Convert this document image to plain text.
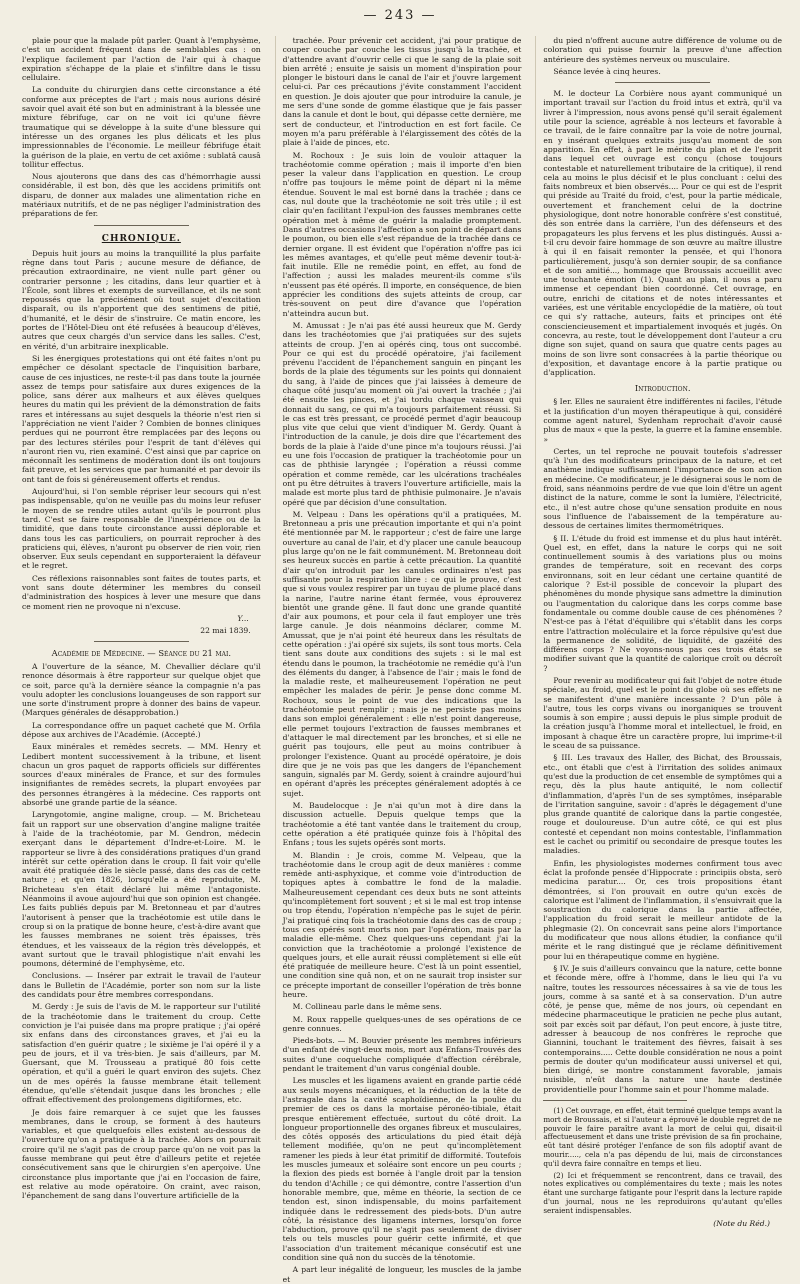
— 243 —

plaie pour que la malade pût parler. Quant à l'emphysème, c'est un accident fréquent dans de semblables cas : on l'explique facilement par l'action de l'air qui à chaque expiration s'échappe de la plaie et s'infiltre dans le tissu cellulaire.

La conduite du chirurgien dans cette circonstance a été conforme aux préceptes de l'art ; mais nous aurions désiré savoir quel avait été son but en administrant à la blessée une mixture fébrifuge, car on ne voit ici qu'une fièvre traumatique qui se développe à la suite d'une blessure qui intéresse un des organes les plus délicats et les plus impressionnables de l'économie. Le meilleur fébrifuge était la guérison de la plaie, en vertu de cet axiôme : sublatâ causâ tollitur effectus.

Nous ajouterons que dans des cas d'hémorrhagie aussi considérable, il est bon, dès que les accidens primitifs ont disparu, de donner aux malades une alimentation riche en matériaux nutritifs, et de ne pas négliger l'administration des préparations de fer.

CHRONIQUE.

Depuis huit jours au moins la tranquillité la plus parfaite règne dans tout Paris ; aucune mesure de défiance, de précaution extraordinaire, ne vient nulle part gêner ou contrarier personne ; les citadins, dans leur quartier et à l'École, sont libres et exempts de surveillance, et ils ne sont repoussés que la précisément où tout sujet d'excitation disparaît, ou ils n'apportent que des sentimens de pitié, d'humanité, et le désir de s'instruire. Ce matin encore, les portes de l'Hôtel-Dieu ont été refusées à beaucoup d'élèves, autres que ceux chargés d'un service dans les salles. C'est, en vérité, d'un arbitraire inexplicable.

Si les énergiques protestations qui ont été faites n'ont pu empêcher ce désolant spectacle de l'inquisition barbare, cause de ces injustices, ne reste-t-il pas dans toute la journée assez de temps pour satisfaire aux dures exigences de la police, sans dérer aux malheurs et aux élèves quelques heures du matin qui les prévient de la démonstration de faits rares et intéressans au sujet desquels la théorie n'est rien si l'appréciation ne vient l'aider ? Combien de bonnes cliniques perdues qui ne pourront être remplacées par des leçons ou par des lectures stériles pour l'esprit de tant d'élèves qui n'auront rien vu, rien examiné. C'est ainsi que par caprice on méconnaît les sentimens de modération dont ils ont toujours fait preuve, et les services que par humanité et par devoir ils ont tant de fois si généreusement offerts et rendus.

Aujourd'hui, si l'on semble répriser leur secours qui n'est pas indispensable, qu'on ne veuille pas du moins leur refuser le moyen de se rendre utiles autant qu'ils le pourront plus tard. C'est se faire responsable de l'inexpérience ou de la timidité, que dans toute circonstance aussi déplorable et dans tous les cas particuliers, on pourrait reprocher à des praticiens qui, élèves, n'auront pu observer de rien voir, rien observer. Eux seuls cependant en supporteraient la défaveur et le regret.

Ces réflexions raisonnables sont faites de toutes parts, et vont sans doute déterminer les membres du conseil d'administration des hospices à lever une mesure que dans ce moment rien ne provoque ni n'excuse.

Y...
22 mai 1839.
Académie de Médecine. — Séance du 21 mai.

A l'ouverture de la séance, M. Chevallier déclare qu'il renonce désormais à être rapporteur sur quelque objet que ce soit, parce qu'à la dernière séance la compagnie n'a pas voulu adopter les conclusions louangeuses de son rapport sur une sorte d'instrument propre à donner des bains de vapeur. (Marques générales de désapprobation.)

La correspondance offre un paquet cacheté que M. Orfila dépose aux archives de l'Académie. (Accepté.)

Eaux minérales et remèdes secrets. — MM. Henry et Ledibert montent successivement à la tribune, et lisent chacun un gros paquet de rapports officiels sur différentes sources d'eaux minérales de France, et sur des formules insignifiantes de remèdes secrets, la plupart envoyées par des personnes étrangères à la médecine. Ces rapports ont absorbé une grande partie de la séance.

Laryngotomie, angine maligne, croup. — M. Bricheteau fait un rapport sur une observation d'angine maligne traitée à l'aide de la trachéotomie, par M. Gendron, médecin exerçant dans le département d'Indre-et-Loire. M. le rapporteur se livre à des considérations pratiques d'un grand intérêt sur cette opération dans le croup. Il fait voir qu'elle avait été pratiquée dès le siècle passé, dans des cas de cette nature ; et qu'en 1826, lorsqu'elle a été reproduite, M. Bricheteau s'en était déclaré lui même l'antagoniste. Néanmoins il avoue aujourd'hui que son opinion est changée. Les faits publiés depuis par M. Bretonneau et par d'autres l'autorisent à penser que la trachéotomie est utile dans le croup si on la pratique de bonne heure, c'est-à-dire avant que les fausses membranes ne soient très épaisses, très étendues, et les vaisseaux de la région très développés, et avant surtout que le travail phlogistique n'ait envahi les poumons, déterminé de l'emphysème, etc.

Conclusions. — Insérer par extrait le travail de l'auteur dans le Bulletin de l'Académie, porter son nom sur la liste des candidats pour être membres correspondans.

M. Gerdy : Je suis de l'avis de M. le rapporteur sur l'utilité de la trachéotomie dans le traitement du croup. Cette conviction je l'ai puisée dans ma propre pratique ; j'ai opéré six enfans dans des circonstances graves, et j'ai eu la satisfaction d'en guérir quatre ; le sixième je l'ai opéré il y a peu de jours, et il va très-bien. Je sais d'ailleurs, par M. Guersant, que M. Trousseau a pratiqué 80 fois cette opération, et qu'il a guéri le quart environ des sujets. Chez un de mes opérés la fausse membrane était tellement étendue, qu'elle s'étendait jusque dans les bronches ; elle offrait effectivement des prolongemens digitiformes, etc.

Je dois faire remarquer à ce sujet que les fausses membranes, dans le croup, se forment à des hauteurs variables, et que quelquefois elles existent au-dessous de l'ouverture qu'on a pratiquée à la trachée. Alors on pourrait croire qu'il ne s'agit pas de croup parce qu'on ne voit pas la fausse membrane qui peut être d'ailleurs petite et rejetée consécutivement sans que le chirurgien s'en aperçoive. Une circonstance plus importante que j'ai en l'occasion de faire, est relative au mode opératoire. On craint, avec raison, l'épanchement de sang dans l'ouverture artificielle de la

trachée. Pour prévenir cet accident, j'ai pour pratique de couper couche par couche les tissus jusqu'à la trachée, et d'attendre avant d'ouvrir celle ci que le sang de la plaie soit bien arrêté ; ensuite je saisis un moment d'inspiration pour plonger le bistouri dans le canal de l'air et j'ouvre largement celui-ci. Par ces précautions j'évite constamment l'accident en question. Je dois ajouter que pour introduire la canule, je me sers d'une sonde de gomme élastique que je fais passer dans la canule et dont le bout, qui dépasse cette dernière, me sert de conducteur, et l'introduction en est fort facile. Ce moyen m'a paru préférable à l'élargissement des côtés de la plaie à l'aide de pinces, etc.

M. Rochoux : Je suis loin de vouloir attaquer la trachéotomie comme opération ; mais il importe d'en bien peser la valeur dans l'application en question. Le croup n'offre pas toujours le même point de départ ni la même étendue. Souvent le mal est borné dans la trachée ; dans ce cas, nul doute que la trachéotomie ne soit très utile ; il est clair qu'en facilitant l'expul-ion des fausses membranes cette opération met à même de guérir la maladie promptement. Dans d'autres occasions l'affection a son point de départ dans le poumon, ou bien elle s'est répandue de la trachée dans ce dernier organe. Il est évident que l'opération n'offre pas ici les mêmes avantages, et qu'elle peut même devenir tout-à-fait inutile. Elle ne remédie point, en effet, au fond de l'affection ; aussi les malades meurent-ils comme s'ils n'eussent pas été opérés. Il importe, en conséquence, de bien apprécier les conditions des sujets atteints de croup, car très-souvent on peut dire d'avance que l'opération n'atteindra aucun but.

M. Amussat : Je n'ai pas été aussi heureux que M. Gerdy dans les trachéotomies que j'ai pratiquées sur des sujets atteints de croup. J'en ai opérés cinq, tous ont succombé. Pour ce qui est du procédé opératoire, j'ai facilement prévenu l'accident de l'épanchement sanguin en pinçant les bords de la plaie des téguments sur les points qui donnaient du sang, à l'aide de pinces que j'ai laissées à demeure de chaque côté jusqu'au moment où j'ai ouvert la trachée ; j'ai été ensuite les pinces, et j'ai tordu chaque vaisseau qui donnait du sang, ce qui m'a toujours parfaitement réussi. Si le cas est très pressant, ce procédé permet d'agir beaucoup plus vite que celui que vient d'indiquer M. Gerdy. Quant à l'introduction de la canule, je dois dire que l'écartement des bords de la plaie à l'aide d'une pince m'a toujours réussi. J'ai eu une fois l'occasion de pratiquer la trachéotomie pour un cas de phthisie laryngée ; l'opération a réussi comme opération et comme remède, car les ulcérations trachéales ont pu être détruites à travers l'ouverture artificielle, mais la malade est morte plus tard de phthisie pulmonaire. Je n'avais opéré que par décision d'une consultation.

M. Velpeau : Dans les opérations qu'il a pratiquées, M. Bretonneau a pris une précaution importante et qui n'a point été mentionnée par M. le rapporteur ; c'est de faire une large ouverture au canal de l'air, et d'y placer une canule beaucoup plus large qu'on ne le fait communément. M. Bretonneau doit ses heureux succès en partie à cette précaution. La quantité d'air qu'on introduit par les canules ordinaires n'est pas suffisante pour la respiration libre : ce qui le prouve, c'est que si vous voulez respirer par un tuyau de plume placé dans la narine, l'autre narine étant fermée, vous éprouverez bientôt une grande gêne. Il faut donc une grande quantité d'air aux poumons, et pour cela il faut employer une très large canule. Je dois néanmoins déclarer, comme M. Amussat, que je n'ai point été heureux dans les résultats de cette opération : j'ai opéré six sujets, ils sont tous morts. Cela tient sans doute aux conditions des sujets : si le mal est étendu dans le poumon, la trachéotomie ne remédie qu'à l'un des éléments du danger, à l'absence de l'air ; mais le fond de la maladie reste, et malheureusement l'opération ne peut empêcher les malades de périr. Je pense donc comme M. Rochoux, sous le point de vue des indications que la trachéotomie peut remplir ; mais je ne persiste pas moins dans son emploi généralement : elle n'est point dangereuse, elle permet toujours l'extraction de fausses membranes et d'attaquer le mal directement par les bronches, et si elle ne guérit pas toujours, elle peut au moins contribuer à prolonger l'existence. Quant au procédé opératoire, je dois dire que je ne vois pas que les dangers de l'épanchement sanguin, signalés par M. Gerdy, soient à craindre aujourd'hui en opérant d'après les préceptes généralement adoptés à ce sujet.

M. Baudelocque : Je n'ai qu'un mot à dire dans la discussion actuelle. Depuis quelque temps que la trachéotomie a été tant vantée dans le traitement du croup, cette opération a été pratiquée quinze fois à l'hôpital des Enfans ; tous les sujets opérés sont morts.

M. Blandin : Je crois, comme M. Velpeau, que la trachéotomie dans le croup agit de deux manières : comme remède anti-asphyxique, et comme voie d'introduction de topiques aptes à combattre le fond de la maladie. Malheureusement cependant ces deux buts ne sont atteints qu'incomplètement fort souvent ; et si le mal est trop intense ou trop étendu, l'opération n'empêche pas le sujet de périr. J'ai pratiqué cinq fois la trachéotomie dans des cas de croup ; tous ces opérés sont morts non par l'opération, mais par la maladie elle-même. Chez quelques-uns cependant j'ai la conviction que la trachéotomie a prolongé l'existence de quelques jours, et elle aurait réussi complètement si elle eût été pratiquée de meilleure heure. C'est là un point essentiel, une condition sine quâ non, et on ne saurait trop insister sur ce précepte important de conseiller l'opération de très bonne heure.

M. Collineau parle dans le même sens.

M. Roux rappelle quelques-unes de ses opérations de ce genre connues.

Pieds-bots. — M. Bouvier présente les membres inférieurs d'un enfant de vingt-deux mois, mort aux Enfans-Trouvés des suites d'une coqueluche compliquée d'affection cérébrale, pendant le traitement d'un varus congénial double.

Les muscles et les ligamens avaient en grande partie cédé aux seuls moyens mécaniques, et la réduction de la tête de l'astragale dans la cavité scaphoïdienne, de la poulie du premier de ces os dans la mortaise péronéo-tibiale, était presque entièrement effectuée, surtout du côté droit. La longueur proportionnelle des organes fibreux et musculaires, des côtés opposés des articulations du pied était déjà tellement modifiée, qu'on ne peut qu'incomplètement ramener les pieds à leur état primitif de difformité. Toutefois les muscles jumeaux et soléaire sont encore un peu courts ; la flexion des pieds est bornée à l'angle droit par la tension du tendon d'Achille ; ce qui démontre, contre l'assertion d'un honorable membre, que, même en théorie, la section de ce tendon est, sinon indispensable, du moins parfaitement indiquée dans le redressement des pieds-bots. D'un autre côté, la résistance des ligamens internes, lorsqu'on force l'abduction, prouve qu'il ne s'agit pas seulement de diviser tels ou tels muscles pour guérir cette infirmité, et que l'association d'un traitement mécanique consécutif est une condition sine quâ non du succès de la ténotomie.

A part leur inégalité de longueur, les muscles de la jambe et

du pied n'offrent aucune autre différence de volume ou de coloration qui puisse fournir la preuve d'une affection antérieure des systèmes nerveux ou musculaire.

Séance levée à cinq heures.

M. le docteur La Corbière nous ayant communiqué un important travail sur l'action du froid intus et extrà, qu'il va livrer à l'impression, nous avons pensé qu'il serait également utile pour la science, agréable à nos lecteurs et favorable à ce travail, de le faire connaître par la voie de notre journal, en y insérant quelques extraits jusqu'au moment de son apparition. En effet, à part le mérite du plan et de l'esprit dans lequel cet ouvrage est conçu (chose toujours contestable et naturellement tributaire de la critique), il rend cela au moins le plus décisif et le plus concluant : celui des faits nombreux et bien observés.... Pour ce qui est de l'esprit qui préside au Traité du froid, c'est, pour la partie médicale, ouvertement et franchement celui de la doctrine physiologique, dont notre honorable confrère s'est constitué, dès son entrée dans la carrière, l'un des défenseurs et des propagateurs les plus fervens et les plus distingués. Aussi a-t-il cru devoir faire hommage de son œuvre au maître illustre à qui il en faisait remonter la pensée, et qui l'honora particulièrement, jusqu'à son dernier soupir, de sa confiance et de son amitié..., hommage que Broussais accueillit avec une touchante émotion (1). Quant au plan, il nous a paru immense et cependant bien coordonné. Cet ouvrage, en outre, enrichi de citations et de notes intéressantes et variées, est une véritable encyclopédie de la matière, où tout ce qui s'y rattache, auteurs, faits et principes ont été consciencieusement et impartialement invoqués et jugés. On concevra, au reste, tout le développement dont l'auteur a cru digne son sujet, quand on saura que quatre cents pages au moins de son livre sont consacrées à la partie théorique ou d'exposition, et davantage encore à la partie pratique ou d'application.

Introduction.

§ Ier. Elles ne sauraient être indifférentes ni faciles, l'étude et la justification d'un moyen thérapeutique à qui, considéré comme agent naturel, Sydenham reprochait d'avoir causé plus de maux « que la peste, la guerre et la famine ensemble. »

Certes, un tel reproche ne pouvait toutefois s'adresser qu'à l'un des modificateurs principaux de la nature, et cet anathème indique suffisamment l'importance de son action en médecine. Ce modificateur, je le désignerai sous le nom de froid, sans néanmoins perdre de vue que loin d'être un agent distinct de la nature, comme le sont la lumière, l'électricité, etc., il n'est autre chose qu'une sensation produite en nous sous l'influence de l'abaissement de la température au-dessous de certaines limites thermométriques.

§ II. L'étude du froid est immense et du plus haut intérêt. Quel est, en effet, dans la nature le corps qui ne soit continuellement soumis à des variations plus ou moins grandes de température, soit en recevant des corps environnans, soit en leur cédant une certaine quantité de calorique ? Est-il possible de concevoir la plupart des phénomènes du monde physique sans admettre la diminution ou l'augmentation du calorique dans les corps comme base fondamentale ou comme double cause de ces phénomènes ? N'est-ce pas à l'état d'équilibre qui s'établit dans les corps entre l'attraction moléculaire et la force répulsive qu'est due la permanence de solidité, de liquidité, de gazéité des différens corps ? Ne voyons-nous pas ces trois états se modifier suivant que la quantité de calorique croît ou décroît ?

Pour revenir au modificateur qui fait l'objet de notre étude spéciale, au froid, quel est le point du globe où ses effets ne se manifestent d'une manière incessante ? D'un pôle à l'autre, tous les corps vivans ou inorganiques se trouvent soumis à son empire ; aussi depuis le plus simple produit de la création jusqu'à l'homme moral et intellectuel, le froid, en imposant à chaque être un caractère propre, lui imprime-t-il le sceau de sa puissance.

§ III. Les travaux des Haller, des Bichat, des Broussais, etc., ont établi que c'est à l'irritation des solides animaux qu'est due la production de cet ensemble de symptômes qui a reçu, dès la plus haute antiquité, le nom collectif d'inflammation, d'après l'un de ses symptômes, inséparable de l'irritation sanguine, savoir : d'après le dégagement d'une plus grande quantité de calorique dans la partie congestée, rouge et douloureuse. D'un autre côté, ce qui est plus contesté et cependant non moins contestable, l'inflammation est le cachet ou primitif ou secondaire de presque toutes les maladies.

Enfin, les physiologistes modernes confirment tous avec éclat la profonde pensée d'Hippocrate : principiis obsta, serò medicina paratur.... Or, ces trois propositions étant démontrées, si l'on prouvait en outre qu'un excès de calorique est l'aliment de l'inflammation, il s'ensuivrait que la soustraction du calorique dans la partie affectée, l'application du froid serait le meilleur antidote de la phlegmasie (2). On concevrait sans peine alors l'importance du modificateur que nous allons étudier, la confiance qu'il mérite et le rang distingué que je réclame définitivement pour lui en thérapeutique comme en hygiène.

§ IV. Je suis d'ailleurs convaincu que la nature, cette bonne et féconde mère, offre à l'homme, dans le lieu qui l'a vu naître, toutes les ressources nécessaires à sa vie de tous les jours, comme à sa santé et à sa conservation. D'un autre côté, je pense que, même de nos jours, où cependant en médecine pharmaceutique le praticien ne peche plus autant, soit par excès soit par défaut, l'on peut encore, à juste titre, adresser à beaucoup de nos confrères le reproche que Giannini, touchant le traitement des fièvres, faisait à ses contemporains..... Cette double considération ne nous a point permis de douter qu'un modificateur aussi universel et qui, bien dirigé, se montre constamment favorable, jamais nuisible, n'eût dans la nature une haute destinée providentielle pour l'homme sain et pour l'homme malade.

(1) Cet ouvrage, en effet, était terminé quelque temps avant la mort de Broussais, et si l'auteur a éprouvé le double regret de ne pouvoir le faire paraître avant la mort de celui qui, disait-il affectueusement et dans une triste prévision de sa fin prochaine, eût tant désiré protéger l'enfance de son fils adoptif avant de mourir....., cela n'a pas dépendu de lui, mais de circonstances qu'il devra faire connaître en temps et lieu.

(2) Ici et fréquemment se rencontrent, dans ce travail, des notes explicatives ou complémentaires du texte ; mais les notes étant une surcharge fatigante pour l'esprit dans la lecture rapide d'un journal, nous ne les reproduirons qu'autant qu'elles seraient indispensables.

(Note du Réd.)
